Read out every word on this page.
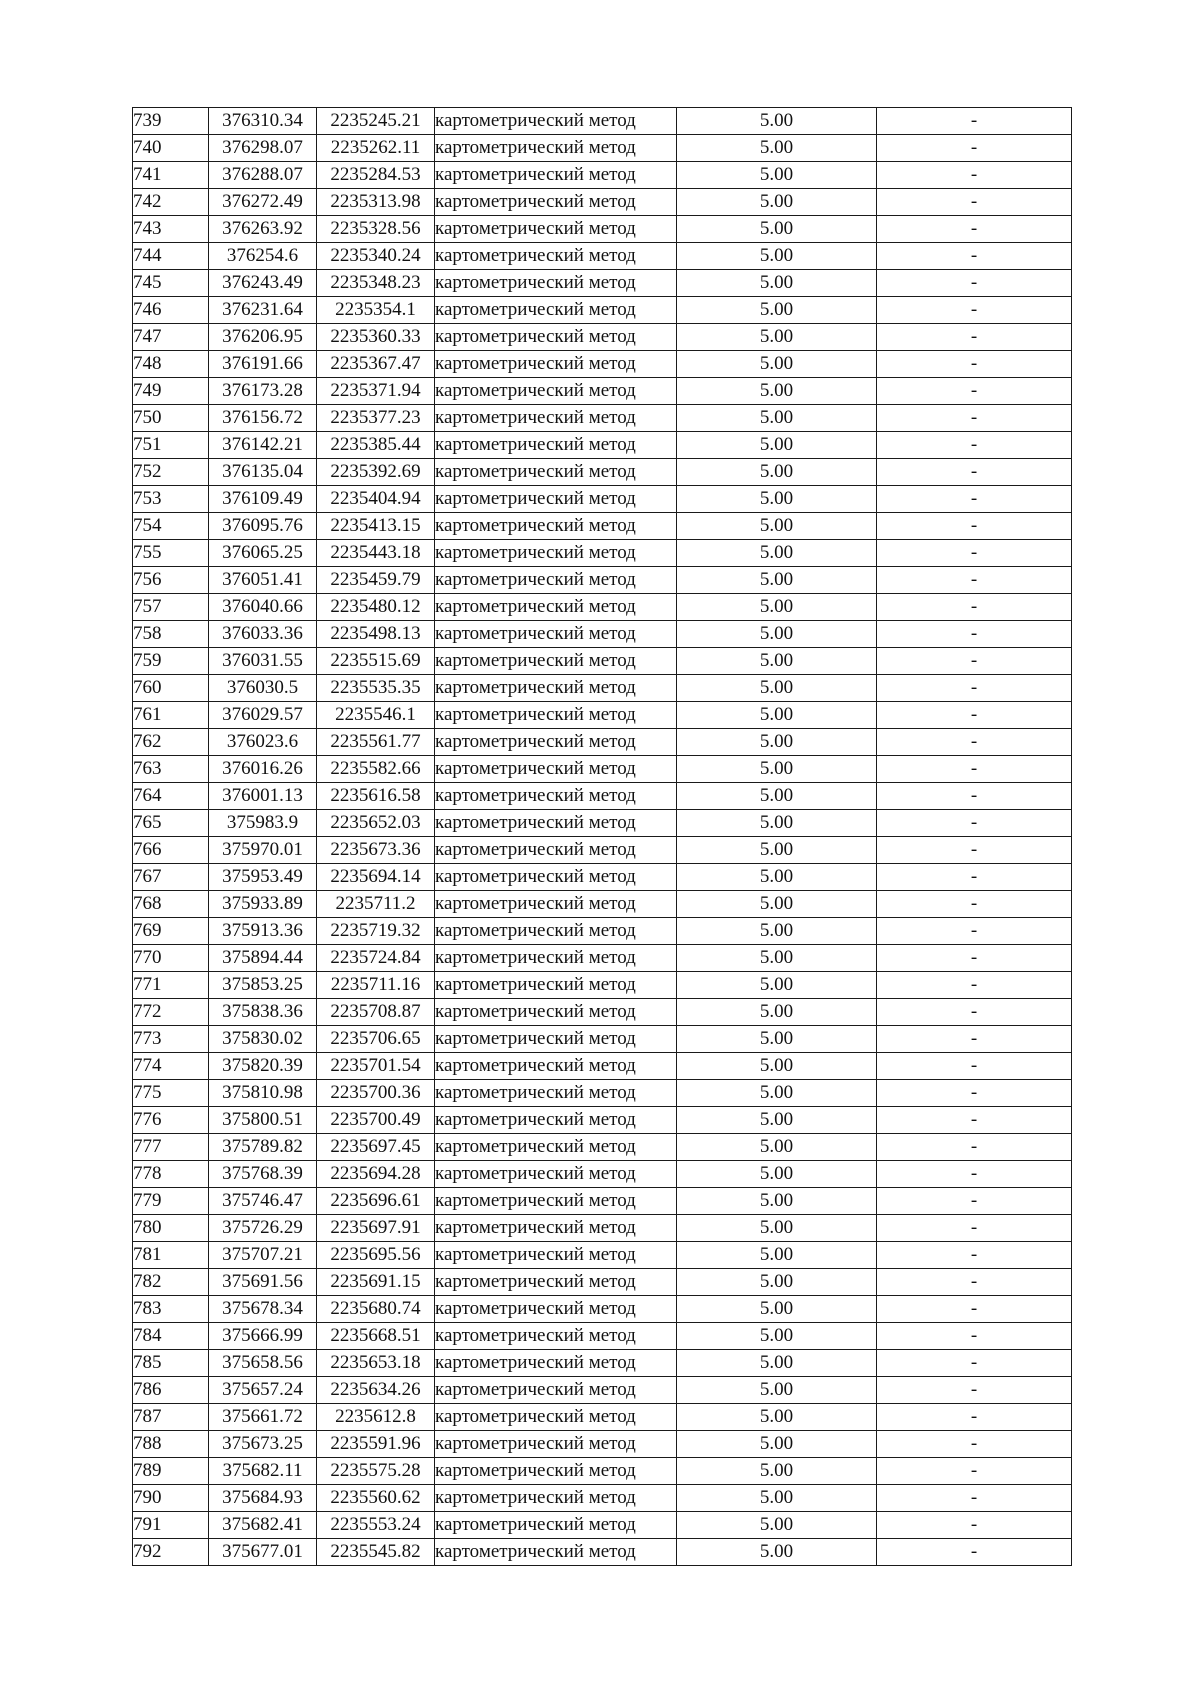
739	376310.34	2235245.21	картометрический метод	5.00	-
740	376298.07	2235262.11	картометрический метод	5.00	-
741	376288.07	2235284.53	картометрический метод	5.00	-
742	376272.49	2235313.98	картометрический метод	5.00	-
743	376263.92	2235328.56	картометрический метод	5.00	-
744	376254.6	2235340.24	картометрический метод	5.00	-
745	376243.49	2235348.23	картометрический метод	5.00	-
746	376231.64	2235354.1	картометрический метод	5.00	-
747	376206.95	2235360.33	картометрический метод	5.00	-
748	376191.66	2235367.47	картометрический метод	5.00	-
749	376173.28	2235371.94	картометрический метод	5.00	-
750	376156.72	2235377.23	картометрический метод	5.00	-
751	376142.21	2235385.44	картометрический метод	5.00	-
752	376135.04	2235392.69	картометрический метод	5.00	-
753	376109.49	2235404.94	картометрический метод	5.00	-
754	376095.76	2235413.15	картометрический метод	5.00	-
755	376065.25	2235443.18	картометрический метод	5.00	-
756	376051.41	2235459.79	картометрический метод	5.00	-
757	376040.66	2235480.12	картометрический метод	5.00	-
758	376033.36	2235498.13	картометрический метод	5.00	-
759	376031.55	2235515.69	картометрический метод	5.00	-
760	376030.5	2235535.35	картометрический метод	5.00	-
761	376029.57	2235546.1	картометрический метод	5.00	-
762	376023.6	2235561.77	картометрический метод	5.00	-
763	376016.26	2235582.66	картометрический метод	5.00	-
764	376001.13	2235616.58	картометрический метод	5.00	-
765	375983.9	2235652.03	картометрический метод	5.00	-
766	375970.01	2235673.36	картометрический метод	5.00	-
767	375953.49	2235694.14	картометрический метод	5.00	-
768	375933.89	2235711.2	картометрический метод	5.00	-
769	375913.36	2235719.32	картометрический метод	5.00	-
770	375894.44	2235724.84	картометрический метод	5.00	-
771	375853.25	2235711.16	картометрический метод	5.00	-
772	375838.36	2235708.87	картометрический метод	5.00	-
773	375830.02	2235706.65	картометрический метод	5.00	-
774	375820.39	2235701.54	картометрический метод	5.00	-
775	375810.98	2235700.36	картометрический метод	5.00	-
776	375800.51	2235700.49	картометрический метод	5.00	-
777	375789.82	2235697.45	картометрический метод	5.00	-
778	375768.39	2235694.28	картометрический метод	5.00	-
779	375746.47	2235696.61	картометрический метод	5.00	-
780	375726.29	2235697.91	картометрический метод	5.00	-
781	375707.21	2235695.56	картометрический метод	5.00	-
782	375691.56	2235691.15	картометрический метод	5.00	-
783	375678.34	2235680.74	картометрический метод	5.00	-
784	375666.99	2235668.51	картометрический метод	5.00	-
785	375658.56	2235653.18	картометрический метод	5.00	-
786	375657.24	2235634.26	картометрический метод	5.00	-
787	375661.72	2235612.8	картометрический метод	5.00	-
788	375673.25	2235591.96	картометрический метод	5.00	-
789	375682.11	2235575.28	картометрический метод	5.00	-
790	375684.93	2235560.62	картометрический метод	5.00	-
791	375682.41	2235553.24	картометрический метод	5.00	-
792	375677.01	2235545.82	картометрический метод	5.00	-
